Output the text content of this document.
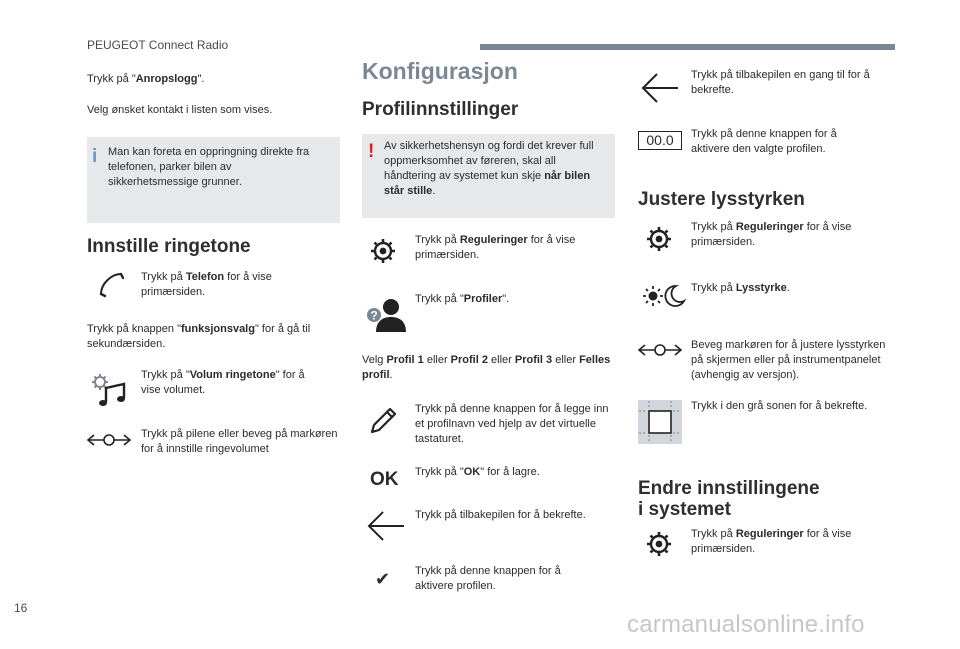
PEUGEOT Connect Radio
16
carmanualsonline.info

Trykk på "Anropslogg".

Velg ønsket kontakt i listen som vises.

i Man kan foreta en oppringning direkte fra telefonen, parker bilen av sikkerhetsmessige grunner.

Innstille ringetone

Trykk på Telefon for å vise primærsiden.

Trykk på knappen "funksjonsvalg" for å gå til sekundærsiden.

Trykk på "Volum ringetone" for å vise volumet.

Trykk på pilene eller beveg på markøren for å innstille ringevolumet

Konfigurasjon
Profilinnstillinger
! Av sikkerhetshensyn og fordi det krever full oppmerksomhet av føreren, skal all håndtering av systemet kun skje når bilen står stille.

Trykk på Reguleringer for å vise primærsiden.

?

Trykk på "Profiler".

Velg Profil 1 eller Profil 2 eller Profil 3 eller Felles profil.

Trykk på denne knappen for å legge inn et profilnavn ved hjelp av det virtuelle tastaturet.

OK Trykk på "OK" for å lagre.

Trykk på tilbakepilen for å bekrefte.

✔ Trykk på denne knappen for å aktivere profilen.

Trykk på tilbakepilen en gang til for å bekrefte.

00.0	Trykk på denne knappen for å aktivere den valgte profilen.

Justere lysstyrken

Trykk på Reguleringer for å vise primærsiden.

Trykk på Lysstyrke.

Beveg markøren for å justere lysstyrken på skjermen eller på instrumentpanelet (avhengig av versjon).

Trykk i den grå sonen for å bekrefte.

Endre innstillingene
i systemet

Trykk på Reguleringer for å vise primærsiden.
